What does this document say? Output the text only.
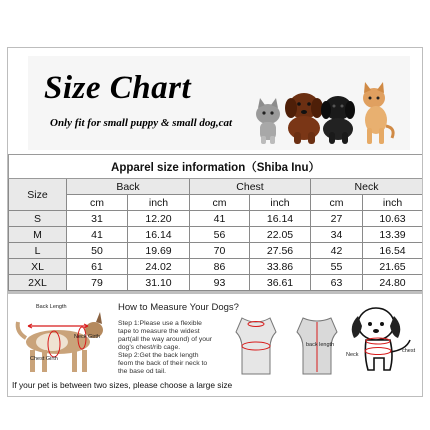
Size Chart
Only fit for small puppy & small dog,cat
Apparel size information（Shiba Inu）						
Size	Back		Chest		Neck	
	cm	inch	cm	inch	cm	inch
S	31	12.20	41	16.14	27	10.63
M	41	16.14	56	22.05	34	13.39
L	50	19.69	70	27.56	42	16.54
XL	61	24.02	86	33.86	55	21.65
2XL	79	31.10	93	36.61	63	24.80
Back Length
Neck Girth
Chest Girth
How to Measure Your Dogs?
Step 1:Please use a flexible tape to measure the widest part(all the way around) of your dog's chest/rib cage.
Step 2:Get the back length feom the back of their neck to the base od tail.
back length
Neck
chest
If your pet is between two sizes, please choose a large size
